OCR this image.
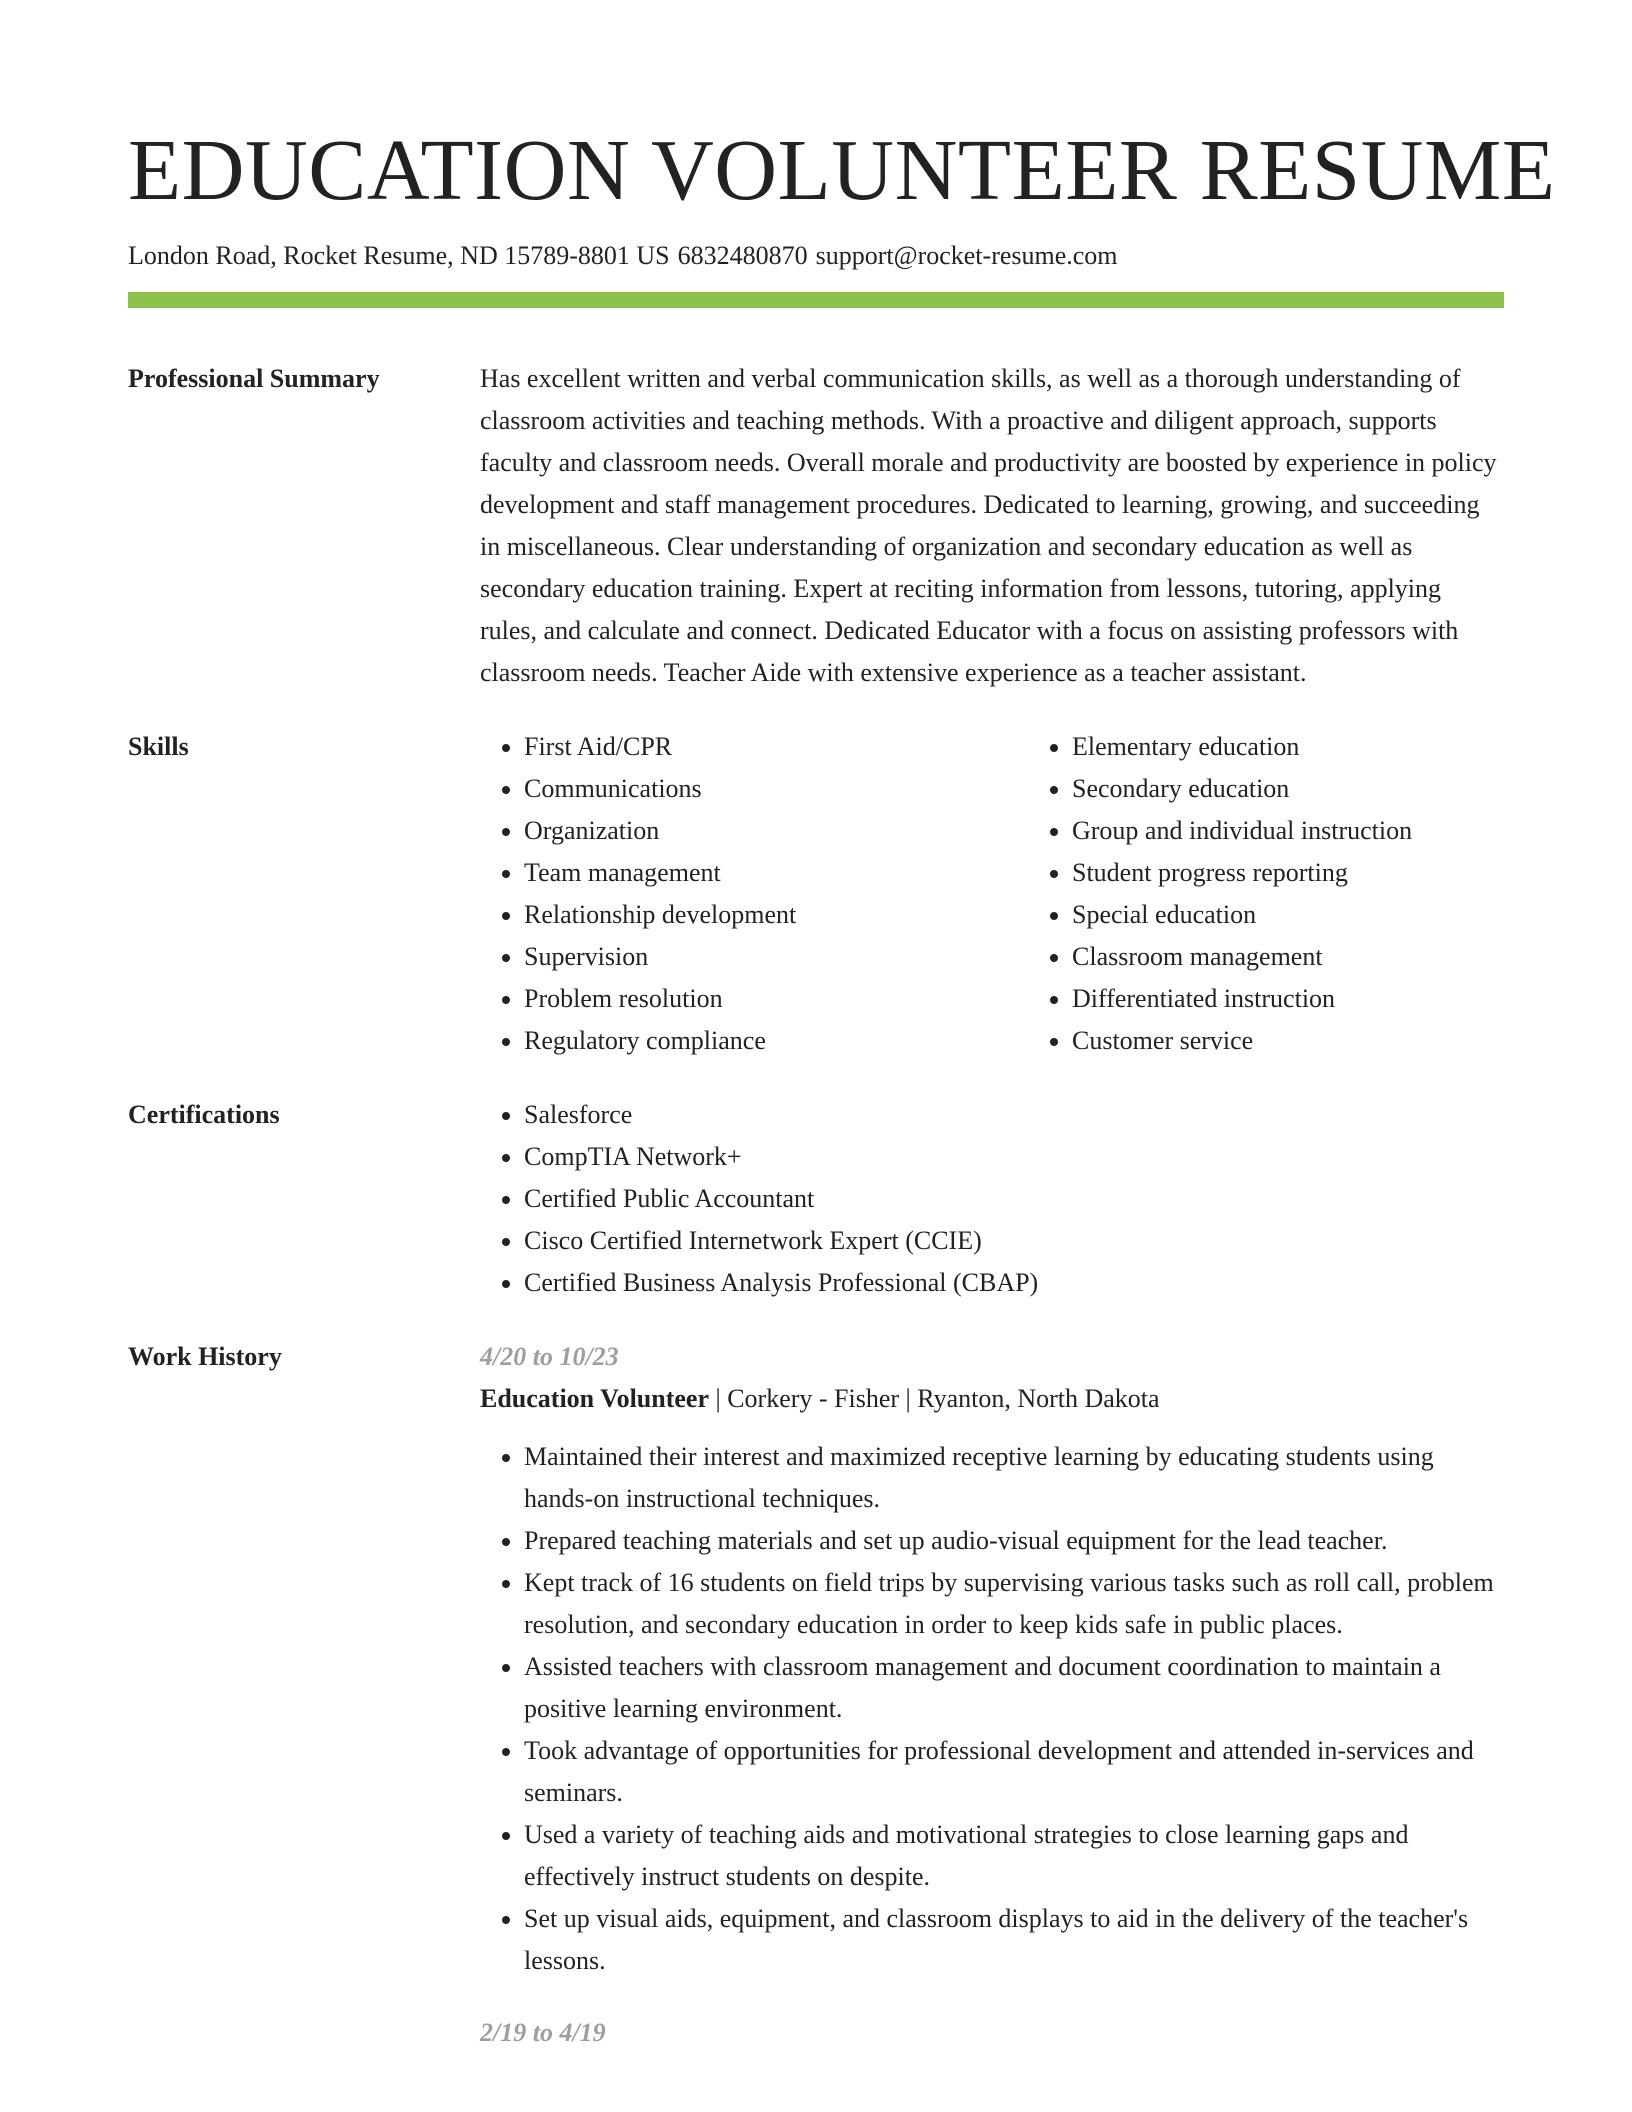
EDUCATION VOLUNTEER RESUME
London Road, Rocket Resume, ND 15789-8801 US 6832480870 support@rocket-resume.com
Professional Summary	Has excellent written and verbal communication skills, as well as a thorough understanding of classroom activities and teaching methods. With a proactive and diligent approach, supports faculty and classroom needs. Overall morale and productivity are boosted by experience in policy development and staff management procedures. Dedicated to learning, growing, and succeeding in miscellaneous. Clear understanding of organization and secondary education as well as secondary education training. Expert at reciting information from lessons, tutoring, applying rules, and calculate and connect. Dedicated Educator with a focus on assisting professors with classroom needs. Teacher Aide with extensive experience as a teacher assistant.

Skills	• First Aid/CPR
• Communications
• Organization
• Team management
• Relationship development
• Supervision
• Problem resolution
• Regulatory compliance
• Elementary education
• Secondary education
• Group and individual instruction
• Student progress reporting
• Special education
• Classroom management
• Differentiated instruction
• Customer service
Certifications	• Salesforce
• CompTIA Network+
• Certified Public Accountant
• Cisco Certified Internetwork Expert (CCIE)
• Certified Business Analysis Professional (CBAP)
Work History	4/20 to 10/23
Education Volunteer | Corkery - Fisher | Ryanton, North Dakota
• Maintained their interest and maximized receptive learning by educating students using hands-on instructional techniques.
• Prepared teaching materials and set up audio-visual equipment for the lead teacher.
• Kept track of 16 students on field trips by supervising various tasks such as roll call, problem resolution, and secondary education in order to keep kids safe in public places.
• Assisted teachers with classroom management and document coordination to maintain a positive learning environment.
• Took advantage of opportunities for professional development and attended in-services and seminars.
• Used a variety of teaching aids and motivational strategies to close learning gaps and effectively instruct students on despite.
• Set up visual aids, equipment, and classroom displays to aid in the delivery of the teacher's lessons.
2/19 to 4/19
